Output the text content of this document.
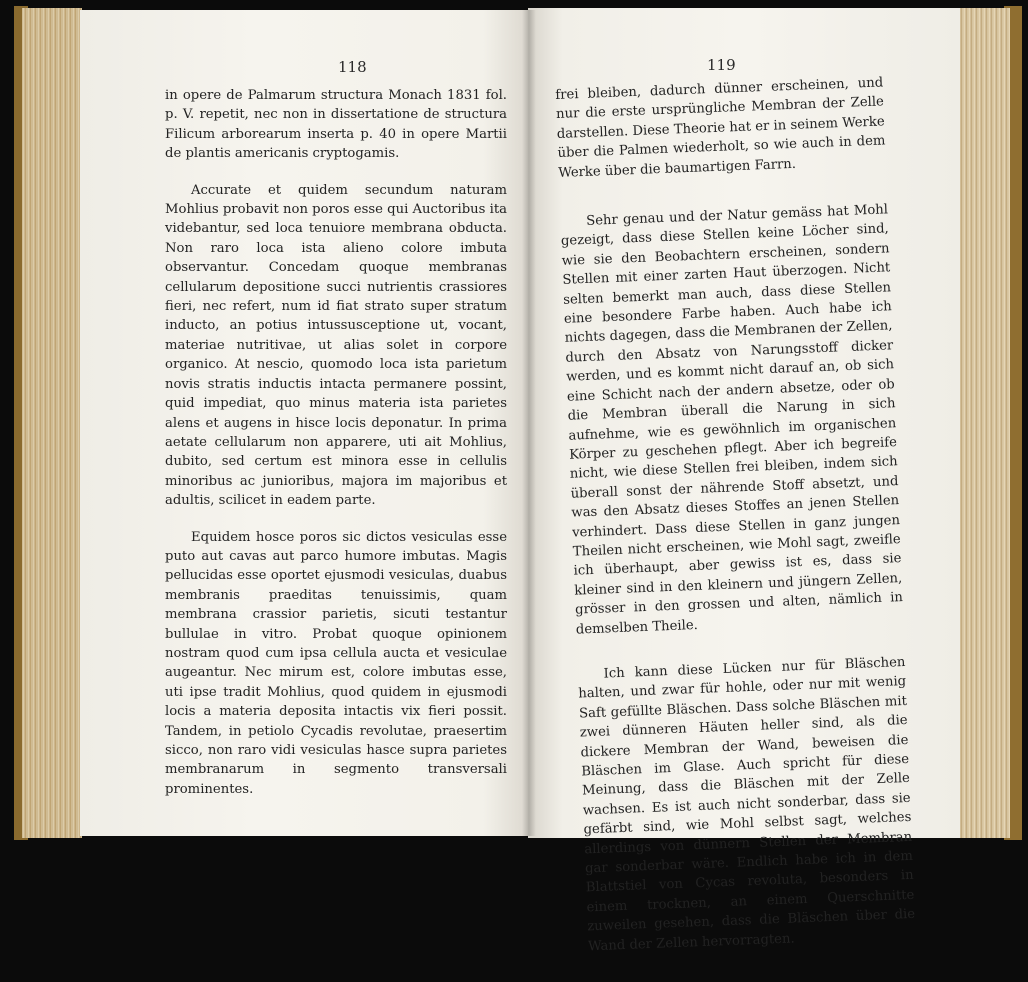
118	119

in opere de Palmarum structura Monach 1831 fol. p. V. repetit, nec non in dissertatione de structura Filicum arborearum inserta p. 40 in opere Martii de plantis americanis cryptogamis.

Accurate et quidem secundum naturam Mohlius probavit non poros esse qui Auctoribus ita videbantur, sed loca tenuiore membrana obducta. Non raro loca ista alieno colore imbuta observantur. Concedam quoque membranas cellularum depositione succi nutrientis crassiores fieri, nec refert, num id fiat strato super stratum inducto, an potius intussusceptione ut, vocant, materiae nutritivae, ut alias solet in corpore organico. At nescio, quomodo loca ista parietum novis stratis inductis intacta permanere possint, quid impediat, quo minus materia ista parietes alens et augens in hisce locis deponatur. In prima aetate cellularum non apparere, uti ait Mohlius, dubito, sed certum est minora esse in cellulis minoribus ac junioribus, majora im majoribus et adultis, scilicet in eadem parte.

Equidem hosce poros sic dictos vesiculas esse puto aut cavas aut parco humore imbutas. Magis pellucidas esse oportet ejusmodi vesiculas, duabus membranis praeditas tenuissimis, quam membrana crassior parietis, sicuti testantur bullulae in vitro. Probat quoque opinionem nostram quod cum ipsa cellula aucta et vesiculae augeantur. Nec mirum est, colore imbutas esse, uti ipse tradit Mohlius, quod quidem in ejusmodi locis a materia deposita intactis vix fieri possit. Tandem, in petiolo Cycadis revolutae, praesertim sicco, non raro vidi vesiculas hasce supra parietes membranarum in segmento transversali prominentes.

frei bleiben, dadurch dünner erscheinen, und nur die erste ursprüngliche Membran der Zelle darstellen. Diese Theorie hat er in seinem Werke über die Palmen wiederholt, so wie auch in dem Werke über die baumartigen Farrn.

Sehr genau und der Natur gemäss hat Mohl gezeigt, dass diese Stellen keine Löcher sind, wie sie den Beobachtern erscheinen, sondern Stellen mit einer zarten Haut überzogen. Nicht selten bemerkt man auch, dass diese Stellen eine besondere Farbe haben. Auch habe ich nichts dagegen, dass die Membranen der Zellen, durch den Absatz von Narungsstoff dicker werden, und es kommt nicht darauf an, ob sich eine Schicht nach der andern absetze, oder ob die Membran überall die Narung in sich aufnehme, wie es gewöhnlich im organischen Körper zu geschehen pflegt. Aber ich begreife nicht, wie diese Stellen frei bleiben, indem sich überall sonst der nährende Stoff absetzt, und was den Absatz dieses Stoffes an jenen Stellen verhindert. Dass diese Stellen in ganz jungen Theilen nicht erscheinen, wie Mohl sagt, zweifle ich überhaupt, aber gewiss ist es, dass sie kleiner sind in den kleinern und jüngern Zellen, grösser in den grossen und alten, nämlich in demselben Theile.

Ich kann diese Lücken nur für Bläschen halten, und zwar für hohle, oder nur mit wenig Saft gefüllte Bläschen. Dass solche Bläschen mit zwei dünneren Häuten heller sind, als die dickere Membran der Wand, beweisen die Bläschen im Glase. Auch spricht für diese Meinung, dass die Bläschen mit der Zelle wachsen. Es ist auch nicht sonderbar, dass sie gefärbt sind, wie Mohl selbst sagt, welches allerdings von dünnern Stellen der Membran gar sonderbar wäre. Endlich habe ich in dem Blattstiel von Cycas revoluta, besonders in einem trocknen, an einem Querschnitte zuweilen gesehen, dass die Bläschen über die Wand der Zellen hervorragten.
